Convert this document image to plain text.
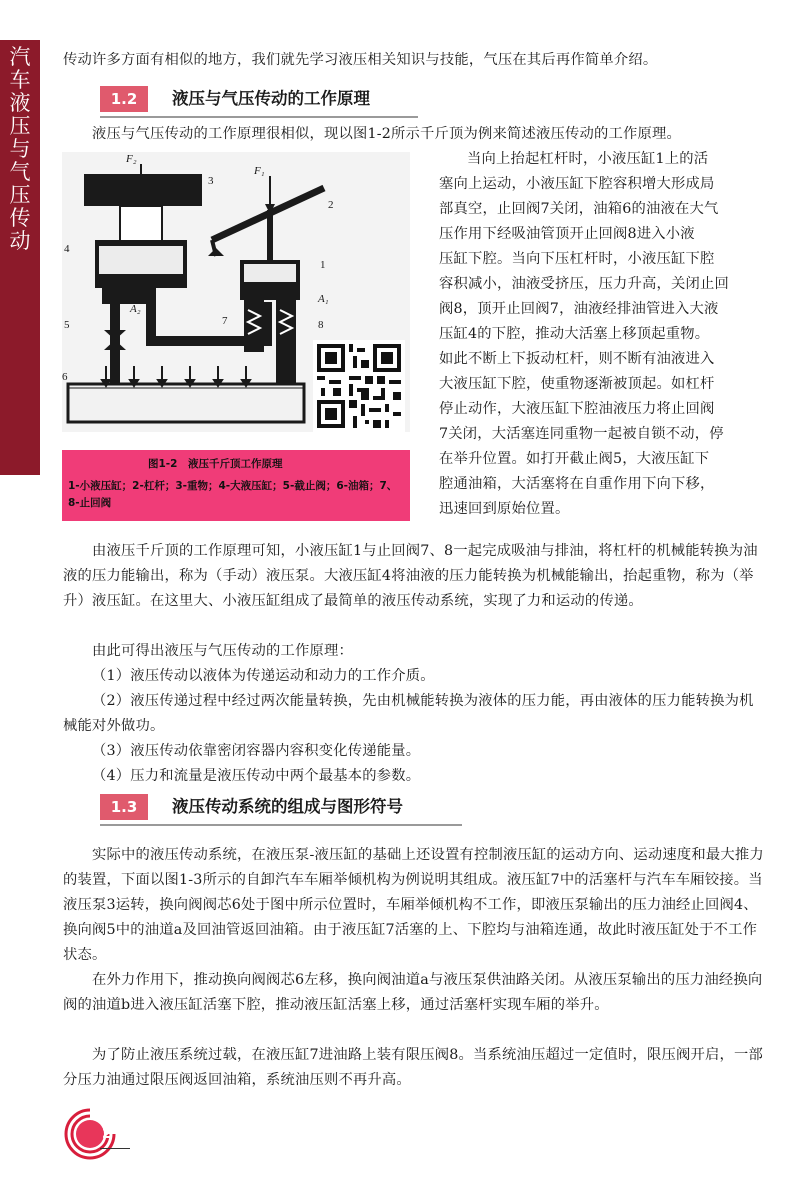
汽车液压与气压传动
传动许多方面有相似的地方，我们就先学习液压相关知识与技能，气压在其后再作简单介绍。
1.2	液压与气压传动的工作原理
液压与气压传动的工作原理很相似，现以图1-2所示千斤顶为例来简述液压传动的工作原理。
F₂
F₁
3
2
1
A₁
4
A₂
5	7	8
6
图1-2　液压千斤顶工作原理
1-小液压缸；2-杠杆；3-重物；4-大液压缸；5-截止阀；6-油箱；7、8-止回阀
当向上抬起杠杆时，小液压缸1上的活
塞向上运动，小液压缸下腔容积增大形成局
部真空，止回阀7关闭，油箱6的油液在大气
压作用下经吸油管顶开止回阀8进入小液
压缸下腔。当向下压杠杆时，小液压缸下腔
容积减小，油液受挤压，压力升高，关闭止回
阀8，顶开止回阀7，油液经排油管进入大液
压缸4的下腔，推动大活塞上移顶起重物。
如此不断上下扳动杠杆，则不断有油液进入
大液压缸下腔，使重物逐渐被顶起。如杠杆
停止动作，大液压缸下腔油液压力将止回阀
7关闭，大活塞连同重物一起被自锁不动，停
在举升位置。如打开截止阀5，大液压缸下
腔通油箱，大活塞将在自重作用下向下移，
迅速回到原始位置。
由液压千斤顶的工作原理可知，小液压缸1与止回阀7、8一起完成吸油与排油，将杠杆的机械能转换为油液的压力能输出，称为（手动）液压泵。大液压缸4将油液的压力能转换为机械能输出，抬起重物，称为（举升）液压缸。在这里大、小液压缸组成了最简单的液压传动系统，实现了力和运动的传递。
由此可得出液压与气压传动的工作原理：
（1）液压传动以液体为传递运动和动力的工作介质。
（2）液压传递过程中经过两次能量转换，先由机械能转换为液体的压力能，再由液体的压力能转换为机械能对外做功。
（3）液压传动依靠密闭容器内容积变化传递能量。
（4）压力和流量是液压传动中两个最基本的参数。
1.3	液压传动系统的组成与图形符号
实际中的液压传动系统，在液压泵-液压缸的基础上还设置有控制液压缸的运动方向、运动速度和最大推力的装置，下面以图1-3所示的自卸汽车车厢举倾机构为例说明其组成。液压缸7中的活塞杆与汽车车厢铰接。当液压泵3运转，换向阀阀芯6处于图中所示位置时，车厢举倾机构不工作，即液压泵输出的压力油经止回阀4、换向阀5中的油道a及回油管返回油箱。由于液压缸7活塞的上、下腔均与油箱连通，故此时液压缸处于不工作状态。
在外力作用下，推动换向阀阀芯6左移，换向阀油道a与液压泵供油路关闭。从液压泵输出的压力油经换向阀的油道b进入液压缸活塞下腔，推动液压缸活塞上移，通过活塞杆实现车厢的举升。
为了防止液压系统过载，在液压缸7进油路上装有限压阀8。当系统油压超过一定值时，限压阀开启，一部分压力油通过限压阀返回油箱，系统油压则不再升高。
2
